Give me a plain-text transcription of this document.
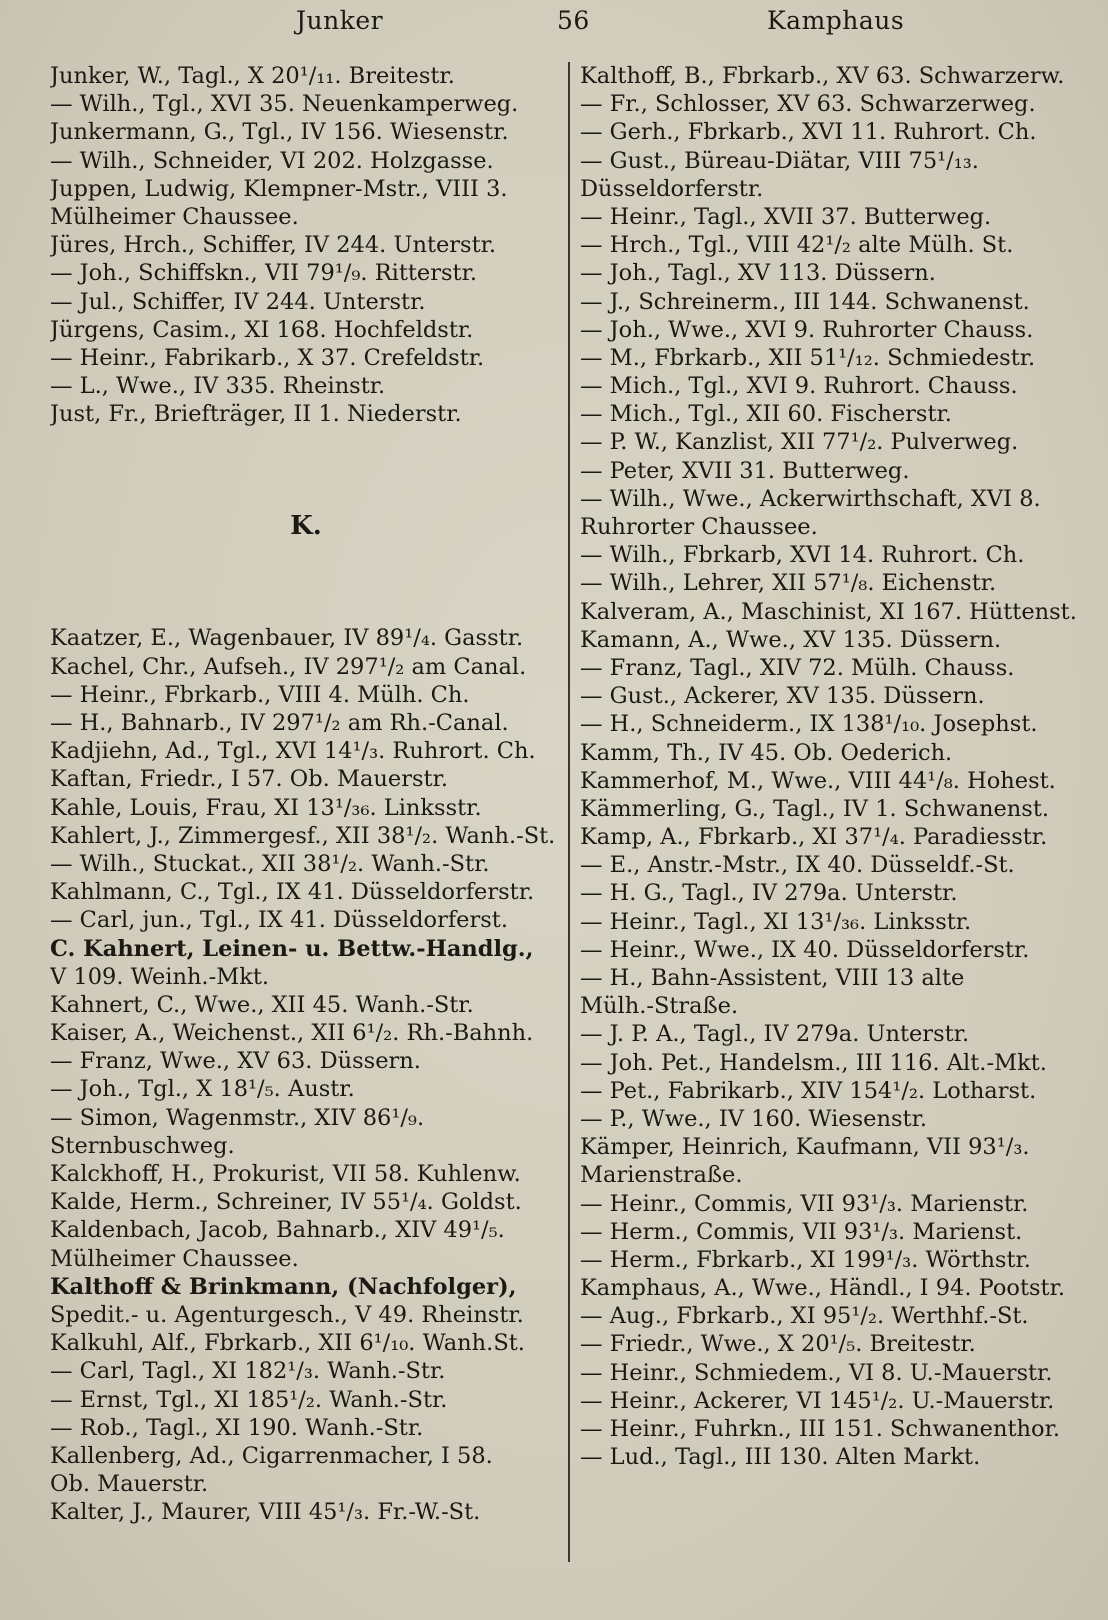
Junker	56	Kamphaus
Junker, W., Tagl., X 20¹/₁₁. Breitestr.
— Wilh., Tgl., XVI 35. Neuenkamperweg.
Junkermann, G., Tgl., IV 156. Wiesenstr.
— Wilh., Schneider, VI 202. Holzgasse.
Juppen, Ludwig, Klempner-Mstr., VIII 3.
Mülheimer Chaussee.
Jüres, Hrch., Schiffer, IV 244. Unterstr.
— Joh., Schiffskn., VII 79¹/₉. Ritterstr.
— Jul., Schiffer, IV 244. Unterstr.
Jürgens, Casim., XI 168. Hochfeldstr.
— Heinr., Fabrikarb., X 37. Crefeldstr.
— L., Wwe., IV 335. Rheinstr.
Just, Fr., Briefträger, II 1. Niederstr.
K.
Kaatzer, E., Wagenbauer, IV 89¹/₄. Gasstr.
Kachel, Chr., Aufseh., IV 297¹/₂ am Canal.
— Heinr., Fbrkarb., VIII 4. Mülh. Ch.
— H., Bahnarb., IV 297¹/₂ am Rh.-Canal.
Kadjiehn, Ad., Tgl., XVI 14¹/₃. Ruhrort. Ch.
Kaftan, Friedr., I 57. Ob. Mauerstr.
Kahle, Louis, Frau, XI 13¹/₃₆. Linksstr.
Kahlert, J., Zimmergesf., XII 38¹/₂. Wanh.-St.
— Wilh., Stuckat., XII 38¹/₂. Wanh.-Str.
Kahlmann, C., Tgl., IX 41. Düsseldorferstr.
— Carl, jun., Tgl., IX 41. Düsseldorferst.
C. Kahnert, Leinen- u. Bettw.-Handlg.,
V 109. Weinh.-Mkt.
Kahnert, C., Wwe., XII 45. Wanh.-Str.
Kaiser, A., Weichenst., XII 6¹/₂. Rh.-Bahnh.
— Franz, Wwe., XV 63. Düssern.
— Joh., Tgl., X 18¹/₅. Austr.
— Simon, Wagenmstr., XIV 86¹/₉.
Sternbuschweg.
Kalckhoff, H., Prokurist, VII 58. Kuhlenw.
Kalde, Herm., Schreiner, IV 55¹/₄. Goldst.
Kaldenbach, Jacob, Bahnarb., XIV 49¹/₅.
Mülheimer Chaussee.
Kalthoff & Brinkmann, (Nachfolger),
Spedit.- u. Agenturgesch., V 49. Rheinstr.
Kalkuhl, Alf., Fbrkarb., XII 6¹/₁₀. Wanh.St.
— Carl, Tagl., XI 182¹/₃. Wanh.-Str.
— Ernst, Tgl., XI 185¹/₂. Wanh.-Str.
— Rob., Tagl., XI 190. Wanh.-Str.
Kallenberg, Ad., Cigarrenmacher, I 58.
Ob. Mauerstr.
Kalter, J., Maurer, VIII 45¹/₃. Fr.-W.-St.
Kalthoff, B., Fbrkarb., XV 63. Schwarzerw.
— Fr., Schlosser, XV 63. Schwarzerweg.
— Gerh., Fbrkarb., XVI 11. Ruhrort. Ch.
— Gust., Büreau-Diätar, VIII 75¹/₁₃.
Düsseldorferstr.
— Heinr., Tagl., XVII 37. Butterweg.
— Hrch., Tgl., VIII 42¹/₂ alte Mülh. St.
— Joh., Tagl., XV 113. Düssern.
— J., Schreinerm., III 144. Schwanenst.
— Joh., Wwe., XVI 9. Ruhrorter Chauss.
— M., Fbrkarb., XII 51¹/₁₂. Schmiedestr.
— Mich., Tgl., XVI 9. Ruhrort. Chauss.
— Mich., Tgl., XII 60. Fischerstr.
— P. W., Kanzlist, XII 77¹/₂. Pulverweg.
— Peter, XVII 31. Butterweg.
— Wilh., Wwe., Ackerwirthschaft, XVI 8.
Ruhrorter Chaussee.
— Wilh., Fbrkarb, XVI 14. Ruhrort. Ch.
— Wilh., Lehrer, XII 57¹/₈. Eichenstr.
Kalveram, A., Maschinist, XI 167. Hüttenst.
Kamann, A., Wwe., XV 135. Düssern.
— Franz, Tagl., XIV 72. Mülh. Chauss.
— Gust., Ackerer, XV 135. Düssern.
— H., Schneiderm., IX 138¹/₁₀. Josephst.
Kamm, Th., IV 45. Ob. Oederich.
Kammerhof, M., Wwe., VIII 44¹/₈. Hohest.
Kämmerling, G., Tagl., IV 1. Schwanenst.
Kamp, A., Fbrkarb., XI 37¹/₄. Paradiesstr.
— E., Anstr.-Mstr., IX 40. Düsseldf.-St.
— H. G., Tagl., IV 279a. Unterstr.
— Heinr., Tagl., XI 13¹/₃₆. Linksstr.
— Heinr., Wwe., IX 40. Düsseldorferstr.
— H., Bahn-Assistent, VIII 13 alte
Mülh.-Straße.
— J. P. A., Tagl., IV 279a. Unterstr.
— Joh. Pet., Handelsm., III 116. Alt.-Mkt.
— Pet., Fabrikarb., XIV 154¹/₂. Lotharst.
— P., Wwe., IV 160. Wiesenstr.
Kämper, Heinrich, Kaufmann, VII 93¹/₃.
Marienstraße.
— Heinr., Commis, VII 93¹/₃. Marienstr.
— Herm., Commis, VII 93¹/₃. Marienst.
— Herm., Fbrkarb., XI 199¹/₃. Wörthstr.
Kamphaus, A., Wwe., Händl., I 94. Pootstr.
— Aug., Fbrkarb., XI 95¹/₂. Werthhf.-St.
— Friedr., Wwe., X 20¹/₅. Breitestr.
— Heinr., Schmiedem., VI 8. U.-Mauerstr.
— Heinr., Ackerer, VI 145¹/₂. U.-Mauerstr.
— Heinr., Fuhrkn., III 151. Schwanenthor.
— Lud., Tagl., III 130. Alten Markt.
